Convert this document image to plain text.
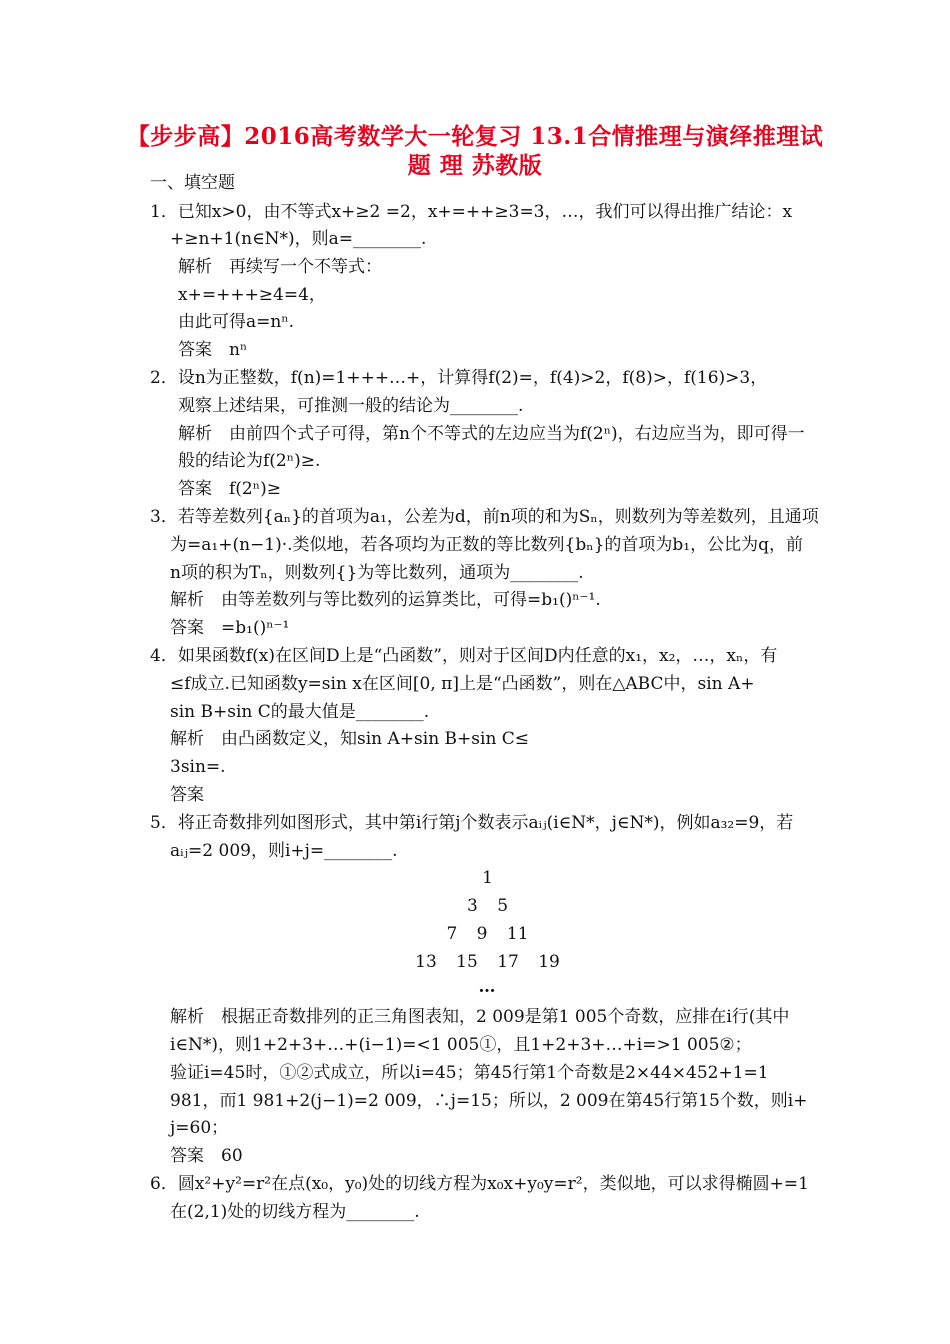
【步步高】2016高考数学大一轮复习 13.1合情推理与演绎推理试
题 理 苏教版
一、填空题
1．已知x>0，由不等式x+≥2 =2，x+=++≥3=3，…，我们可以得出推广结论：x
+≥n+1(n∈N*)，则a=________.
解析　再续写一个不等式：
x+=+++≥4=4，
由此可得a=nⁿ.
答案　nⁿ
2．设n为正整数，f(n)=1+++…+，计算得f(2)=，f(4)>2，f(8)>，f(16)>3，
观察上述结果，可推测一般的结论为________.
解析　由前四个式子可得，第n个不等式的左边应当为f(2ⁿ)，右边应当为，即可得一
般的结论为f(2ⁿ)≥.
答案　f(2ⁿ)≥
3．若等差数列{aₙ}的首项为a₁，公差为d，前n项的和为Sₙ，则数列为等差数列，且通项
为=a₁+(n−1)·.类似地，若各项均为正数的等比数列{bₙ}的首项为b₁，公比为q，前
n项的积为Tₙ，则数列{}为等比数列，通项为________.
解析　由等差数列与等比数列的运算类比，可得=b₁()ⁿ⁻¹.
答案　=b₁()ⁿ⁻¹
4．如果函数f(x)在区间D上是“凸函数”，则对于区间D内任意的x₁，x₂，…，xₙ，有
≤f成立.已知函数y=sin x在区间[0, π]上是“凸函数”，则在△ABC中，sin A+
sin B+sin C的最大值是________.
解析　由凸函数定义，知sin A+sin B+sin C≤
3sin=.
答案
5．将正奇数排列如图形式，其中第i行第j个数表示aᵢⱼ(i∈N*，j∈N*)，例如a₃₂=9，若
aᵢⱼ=2 009，则i+j=________.
1
3 5
7 9 11
13 15 17 19
…
解析　根据正奇数排列的正三角图表知，2 009是第1 005个奇数，应排在i行(其中
i∈N*)，则1+2+3+…+(i−1)=<1 005①，且1+2+3+…+i=>1 005②；
验证i=45时，①②式成立，所以i=45；第45行第1个奇数是2×44×452+1=1
981，而1 981+2(j−1)=2 009，∴j=15；所以，2 009在第45行第15个数，则i+
j=60；
答案　60
6．圆x²+y²=r²在点(x₀，y₀)处的切线方程为x₀x+y₀y=r²，类似地，可以求得椭圆+=1
在(2,1)处的切线方程为________.
